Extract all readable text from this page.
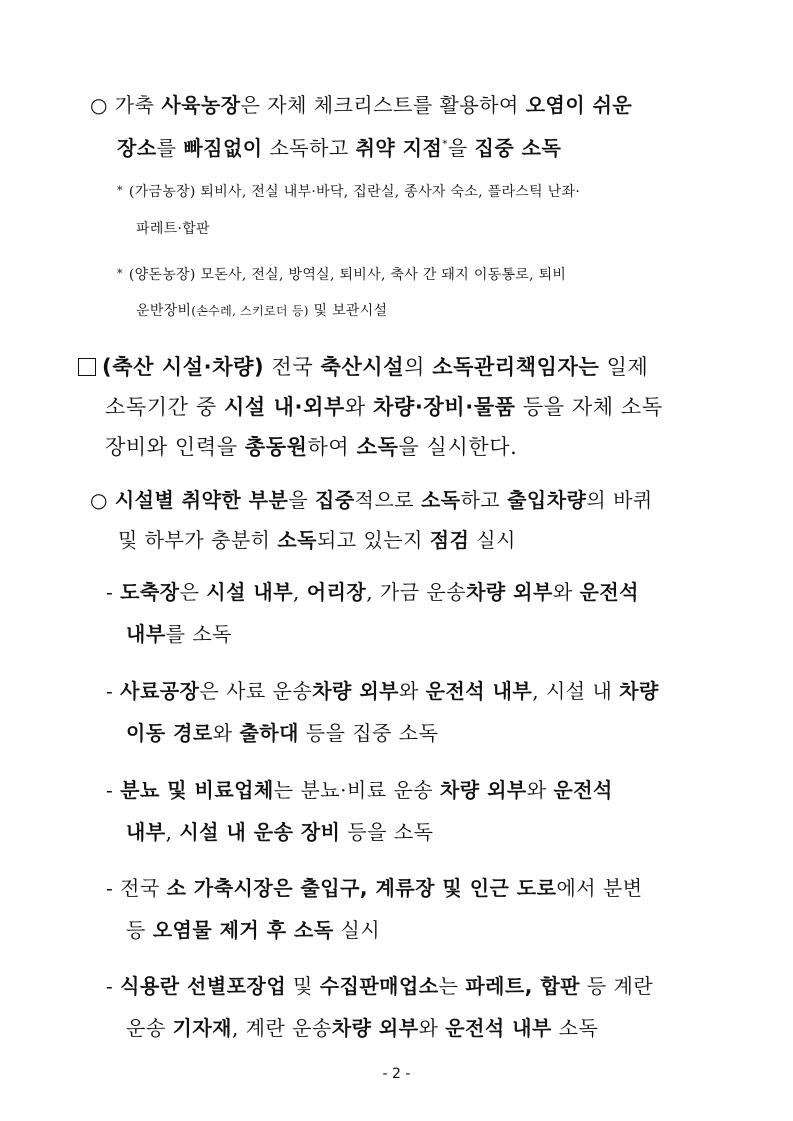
○ 가축 사육농장은 자체 체크리스트를 활용하여 오염이 쉬운
장소를 빠짐없이 소독하고 취약 지점*을 집중 소독
* (가금농장) 퇴비사, 전실 내부·바닥, 집란실, 종사자 숙소, 플라스틱 난좌·
파레트·합판
* (양돈농장) 모돈사, 전실, 방역실, 퇴비사, 축사 간 돼지 이동통로, 퇴비
운반장비(손수레, 스키로더 등) 및 보관시설
(축산 시설·차량) 전국 축산시설의 소독관리책임자는 일제
소독기간 중 시설 내·외부와 차량·장비·물품 등을 자체 소독
장비와 인력을 총동원하여 소독을 실시한다.
○ 시설별 취약한 부분을 집중적으로 소독하고 출입차량의 바퀴
및 하부가 충분히 소독되고 있는지 점검 실시
- 도축장은 시설 내부, 어리장, 가금 운송차량 외부와 운전석
내부를 소독
- 사료공장은 사료 운송차량 외부와 운전석 내부, 시설 내 차량
이동 경로와 출하대 등을 집중 소독
- 분뇨 및 비료업체는 분뇨·비료 운송 차량 외부와 운전석
내부, 시설 내 운송 장비 등을 소독
- 전국 소 가축시장은 출입구, 계류장 및 인근 도로에서 분변
등 오염물 제거 후 소독 실시
- 식용란 선별포장업 및 수집판매업소는 파레트, 합판 등 계란
운송 기자재, 계란 운송차량 외부와 운전석 내부 소독
- 2 -
